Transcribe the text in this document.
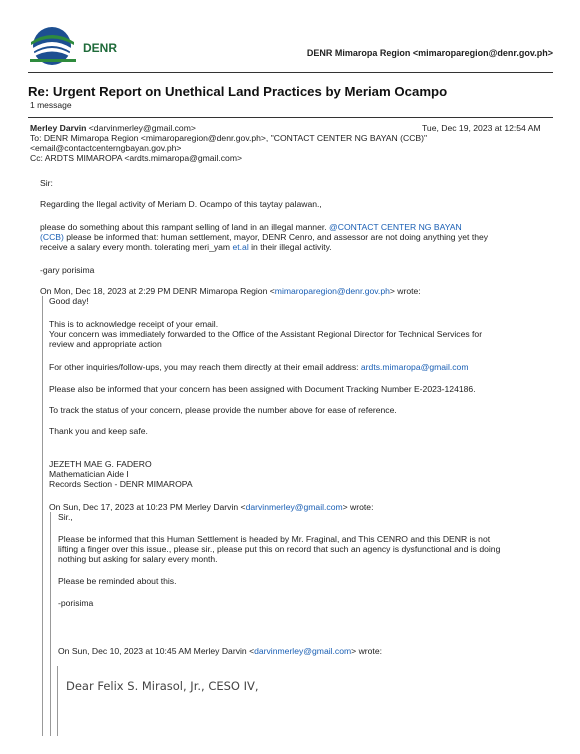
DENR	DENR Mimaropa Region <mimaroparegion@denr.gov.ph>
Re: Urgent Report on Unethical Land Practices by Meriam Ocampo
1 message
Merley Darvin <darvinmerley@gmail.com>	Tue, Dec 19, 2023 at 12:54 AM
To: DENR Mimaropa Region <mimaroparegion@denr.gov.ph>, "CONTACT CENTER NG BAYAN (CCB)"
<email@contactcenterngbayan.gov.ph>
Cc: ARDTS MIMAROPA <ardts.mimaropa@gmail.com>
Sir:
Regarding the Ilegal activity of Meriam D. Ocampo of this taytay palawan.,
please do something about this rampant selling of land in an illegal manner. @CONTACT CENTER NG BAYAN
(CCB) please be informed that: human settlement, mayor, DENR Cenro, and assessor are not doing anything yet they
receive a salary every month. tolerating meri_yam et.al in their illegal activity.
-gary porisima
On Mon, Dec 18, 2023 at 2:29 PM DENR Mimaropa Region <mimaroparegion@denr.gov.ph> wrote:
Good day!
This is to acknowledge receipt of your email.
Your concern was immediately forwarded to the Office of the Assistant Regional Director for Technical Services for
review and appropriate action
For other inquiries/follow-ups, you may reach them directly at their email address: ardts.mimaropa@gmail.com
Please also be informed that your concern has been assigned with Document Tracking Number E-2023-124186.
To track the status of your concern, please provide the number above for ease of reference.
Thank you and keep safe.
JEZETH MAE G. FADERO
Mathematician Aide I
Records Section - DENR MIMAROPA
On Sun, Dec 17, 2023 at 10:23 PM Merley Darvin <darvinmerley@gmail.com> wrote:
Sir.,
Please be informed that this Human Settlement is headed by Mr. Fraginal, and This CENRO and this DENR is not
lifting a finger over this issue., please sir., please put this on record that such an agency is dysfunctional and is doing
nothing but asking for salary every month.
Please be reminded about this.
-porisima
On Sun, Dec 10, 2023 at 10:45 AM Merley Darvin <darvinmerley@gmail.com> wrote:
Dear Felix S. Mirasol, Jr., CESO IV,
